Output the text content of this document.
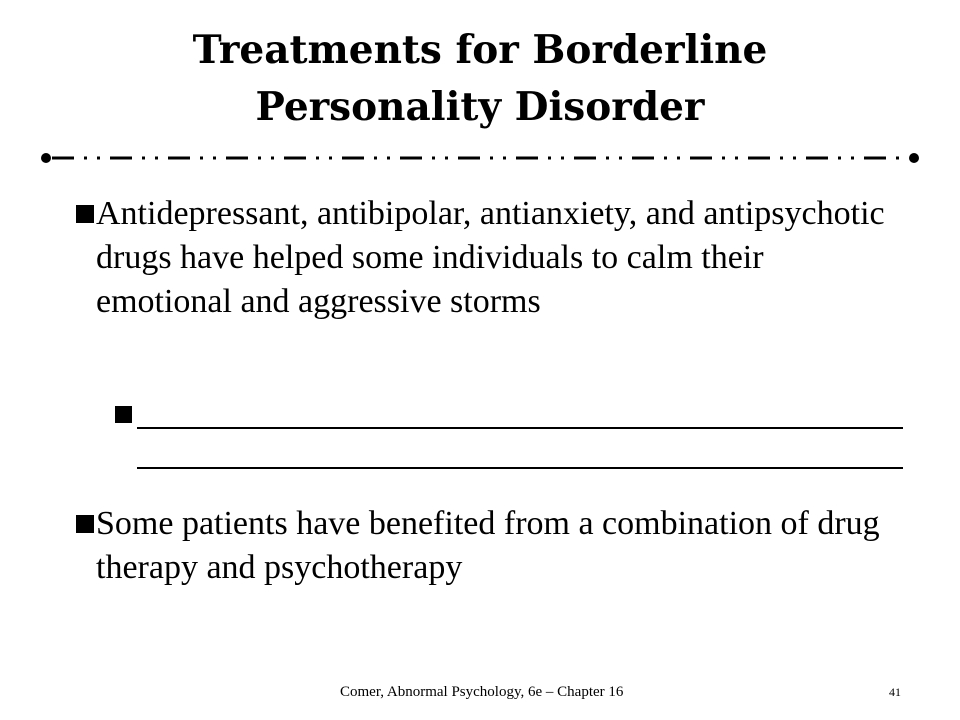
Treatments for Borderline
Personality Disorder
Antidepressant, antibipolar, antianxiety, and antipsychotic drugs have helped some individuals to calm their emotional and aggressive storms
Some patients have benefited from a combination of drug therapy and psychotherapy
Comer, Abnormal Psychology, 6e – Chapter 16	41
